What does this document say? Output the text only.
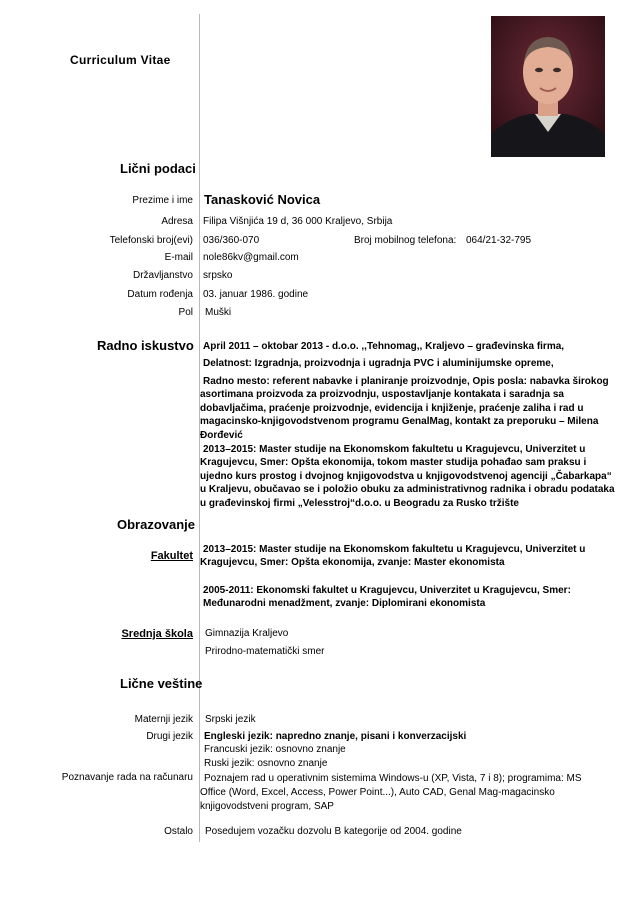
Curriculum Vitae
Lični podaci
Prezime i ime Tanasković Novica
Adresa Filipa Višnjića 19 d, 36 000 Kraljevo, Srbija
Telefonski broj(evi) 036/360-070	Broj mobilnog telefona: 064/21-32-795
E-mail nole86kv@gmail.com
Državljanstvo srpsko
Datum rođenja 03. januar 1986. godine
Pol Muški
Radno iskustvo April 2011 – oktobar 2013 - d.o.o. ,,Tehnomag,, Kraljevo – građevinska firma,
Delatnost: Izgradnja, proizvodnja i ugradnja PVC i aluminijumske opreme,
Radno mesto: referent nabavke i planiranje proizvodnje, Opis posla: nabavka širokog asortimana proizvoda za proizvodnju, uspostavljanje kontakata i saradnja sa dobavljačima, praćenje proizvodnje, evidencija i knjiženje, praćenje zaliha i rad u magacinsko-knjigovodstvenom programu GenalMag, kontakt za preporuku – Milena Đorđević
2013–2015: Master studije na Ekonomskom fakultetu u Kragujevcu, Univerzitet u Kragujevcu, Smer: Opšta ekonomija, tokom master studija pohađao sam praksu i ujedno kurs prostog i dvojnog knjigovodstva u knjigovodstvenoj agenciji „Čabarkapa“ u Kraljevu, obučavao se i položio obuku za administrativnog radnika i obradu podataka u građevinskoj firmi „Velesstroj“d.o.o. u Beogradu za Rusko tržište
Obrazovanje
Fakultet
2013–2015: Master studije na Ekonomskom fakultetu u Kragujevcu, Univerzitet u Kragujevcu, Smer: Opšta ekonomija, zvanje: Master ekonomista
2005-2011: Ekonomski fakultet u Kragujevcu, Univerzitet u Kragujevcu, Smer: Međunarodni menadžment, zvanje: Diplomirani ekonomista
Srednja škola Gimnazija Kraljevo
Prirodno-matematički smer
Lične veštine
Maternji jezik Srpski jezik
Drugi jezik Engleski jezik: napredno znanje, pisani i konverzacijski
Francuski jezik: osnovno znanje
Ruski jezik: osnovno znanje
Poznavanje rada na računaru	Poznajem rad u operativnim sistemima Windows-u (XP, Vista, 7 i 8); programima: MS Office (Word, Excel, Access, Power Point...), Auto CAD, Genal Mag-magacinsko knjigovodstveni program, SAP
Ostalo Posedujem vozačku dozvolu B kategorije od 2004. godine
